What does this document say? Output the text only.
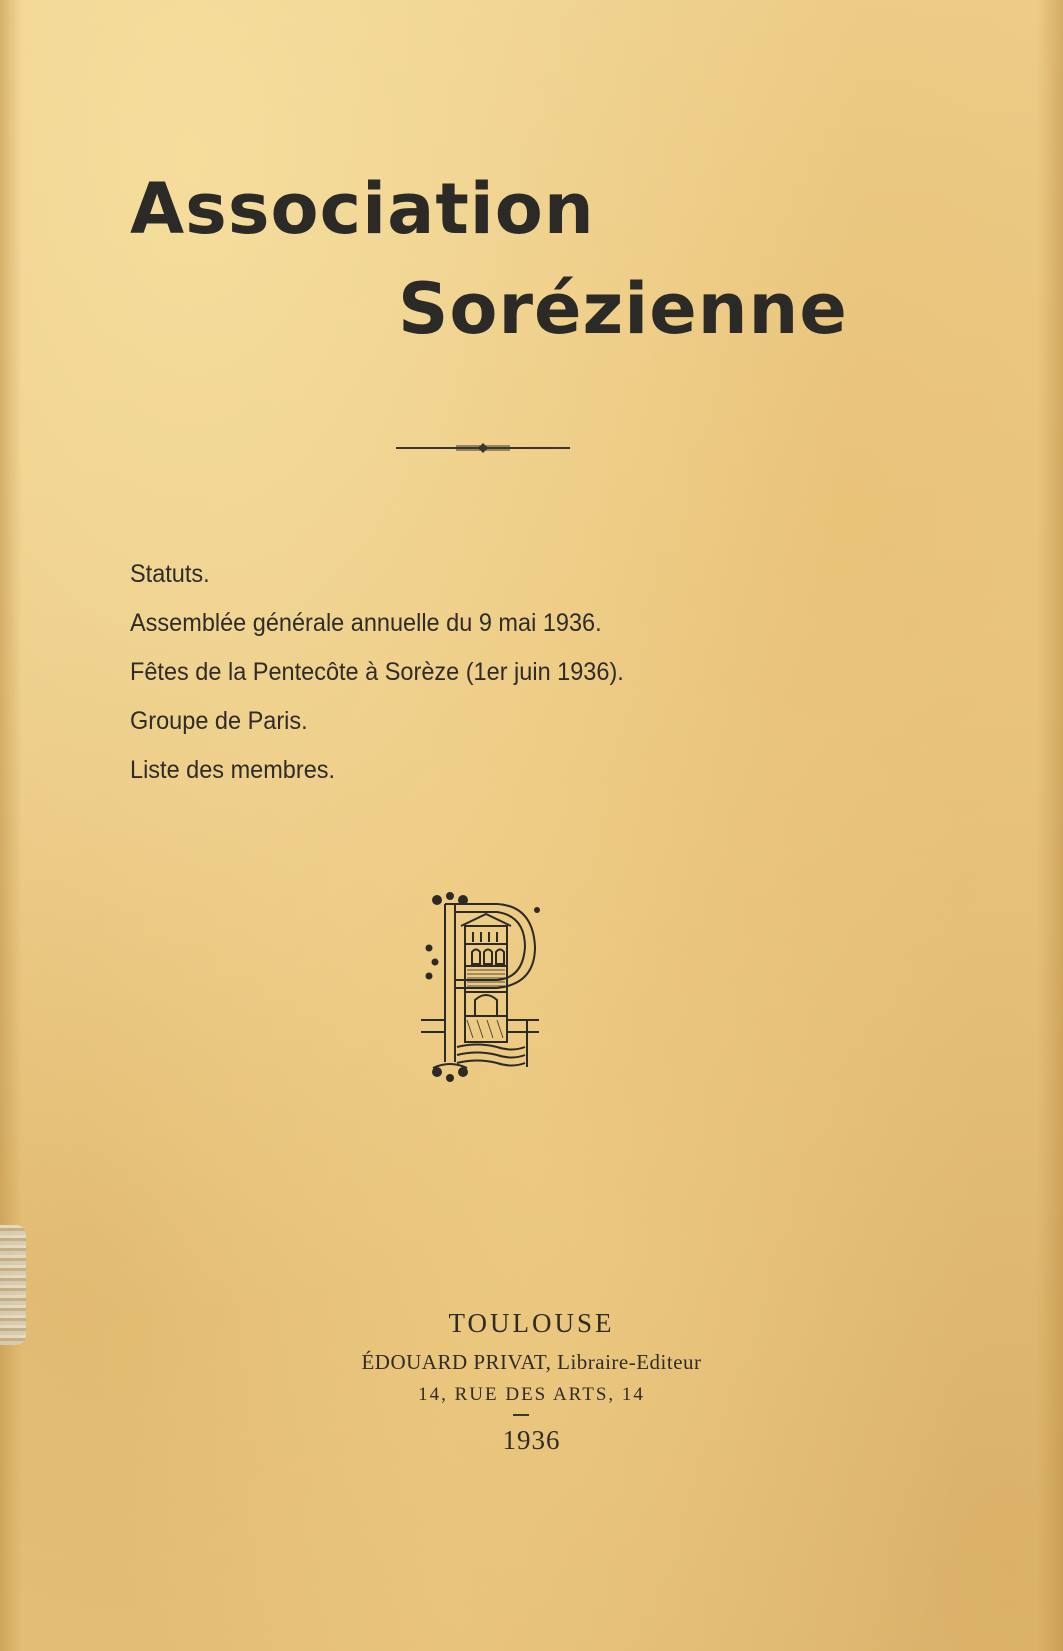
Association
Sorézienne
Statuts.
Assemblée générale annuelle du 9 mai 1936.
Fêtes de la Pentecôte à Sorèze (1er juin 1936).
Groupe de Paris.
Liste des membres.

TOULOUSE

ÉDOUARD PRIVAT, Libraire-Editeur

14, RUE DES ARTS, 14

1936
